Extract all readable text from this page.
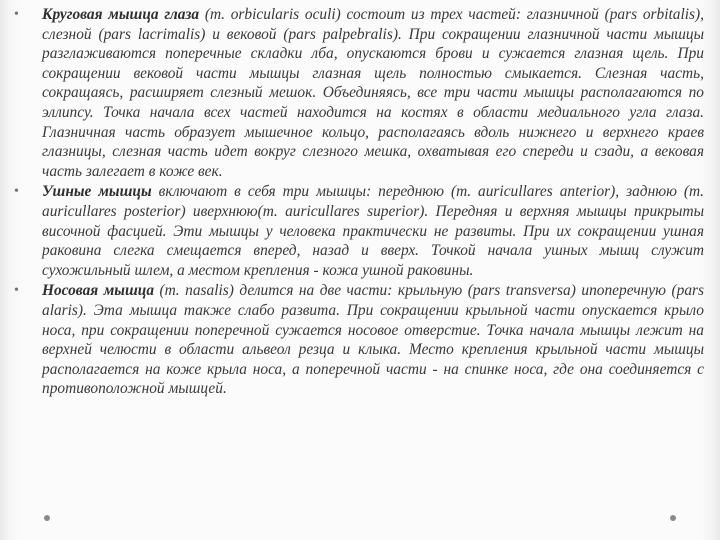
• Круговая мышца глаза (m. orbicularis oculi) состоит из трех частей: глазничной (pars orbitalis), слезной (pars lacrimalis) и вековой (pars palpebralis). При сокращении глазничной части мышцы разглаживаются поперечные складки лба, опускаются брови и сужается глазная щель. При сокращении вековой части мышцы глазная щель полностью смыкается. Слезная часть, сокращаясь, расширяет слезный мешок. Объединяясь, все три части мышцы располагаются по эллипсу. Точка начала всех частей находится на костях в области медиального угла глаза. Глазничная часть образует мышечное кольцо, располагаясь вдоль нижнего и верхнего краев глазницы, слезная часть идет вокруг слезного мешка, охватывая его спереди и сзади, а вековая часть залегает в коже век.

• Ушные мышцы включают в себя три мышцы: переднюю (m. auricullares anterior), заднюю (m. auricullares posterior) иверхнюю(m. auricullares superior). Передняя и верхняя мышцы прикрыты височной фасцией. Эти мышцы у человека практически не развиты. При их сокращении ушная раковина слегка смещается вперед, назад и вверх. Точкой начала ушных мышц служит сухожильный шлем, а местом крепления - кожа ушной раковины.

• Носовая мышца (m. nasalis) делится на две части: крыльную (pars transversa) ипоперечную (pars alaris). Эта мышца также слабо развита. При сокращении крыльной части опускается крыло носа, при сокращении поперечной сужается носовое отверстие. Точка начала мышцы лежит на верхней челюсти в области альвеол резца и клыка. Место крепления крыльной части мышцы располагается на коже крыла носа, а поперечной части - на спинке носа, где она соединяется с противоположной мышцей.
